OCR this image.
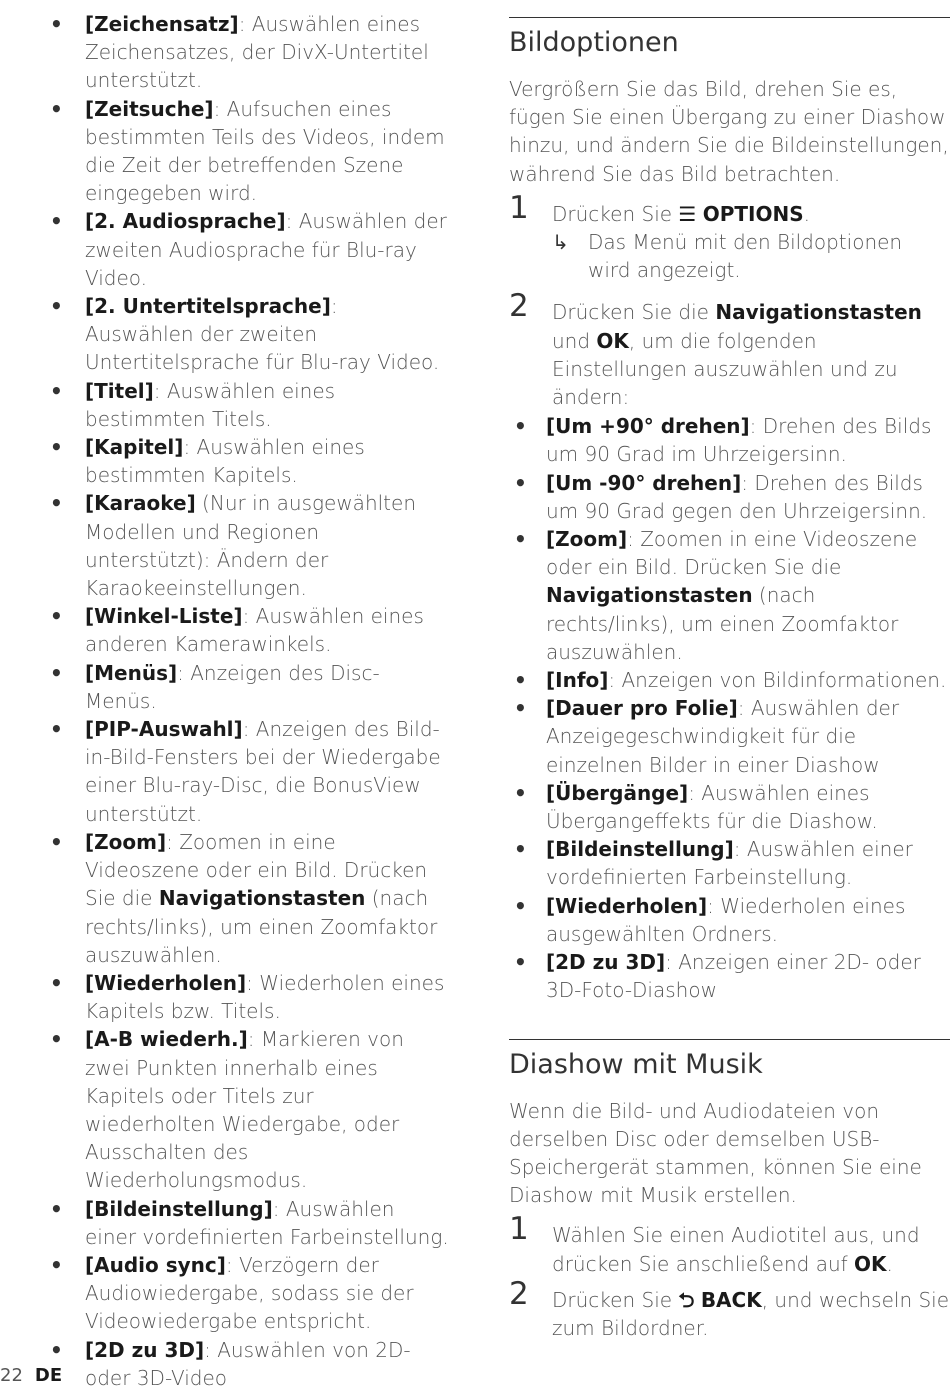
• [Zeichensatz]: Auswählen eines Zeichensatzes, der DivX-Untertitel unterstützt.
• [Zeitsuche]: Aufsuchen eines bestimmten Teils des Videos, indem die Zeit der betreffenden Szene eingegeben wird.
• [2. Audiosprache]: Auswählen der zweiten Audiosprache für Blu-ray Video.
• [2. Untertitelsprache]: Auswählen der zweiten Untertitelsprache für Blu-ray Video.
• [Titel]: Auswählen eines bestimmten Titels.
• [Kapitel]: Auswählen eines bestimmten Kapitels.
• [Karaoke] (Nur in ausgewählten Modellen und Regionen unterstützt): Ändern der Karaokeeinstellungen.
• [Winkel-Liste]: Auswählen eines anderen Kamerawinkels.
• [Menüs]: Anzeigen des Disc-Menüs.
• [PIP-Auswahl]: Anzeigen des Bild-in-Bild-Fensters bei der Wiedergabe einer Blu-ray-Disc, die BonusView unterstützt.
• [Zoom]: Zoomen in eine Videoszene oder ein Bild. Drücken Sie die Navigationstasten (nach rechts/links), um einen Zoomfaktor auszuwählen.
• [Wiederholen]: Wiederholen eines Kapitels bzw. Titels.
• [A-B wiederh.]: Markieren von zwei Punkten innerhalb eines Kapitels oder Titels zur wiederholten Wiedergabe, oder Ausschalten des Wiederholungsmodus.
• [Bildeinstellung]: Auswählen einer vordefinierten Farbeinstellung.
• [Audio sync]: Verzögern der Audiowiedergabe, sodass sie der Videowiedergabe entspricht.
• [2D zu 3D]: Auswählen von 2D- oder 3D-Video
Bildoptionen

Vergrößern Sie das Bild, drehen Sie es, fügen Sie einen Übergang zu einer Diashow hinzu, und ändern Sie die Bildeinstellungen, während Sie das Bild betrachten.

1 Drücken Sie ☰ OPTIONS.
↳ Das Menü mit den Bildoptionen wird angezeigt.
2 Drücken Sie die Navigationstasten und OK, um die folgenden Einstellungen auszuwählen und zu ändern:
• [Um +90° drehen]: Drehen des Bilds um 90 Grad im Uhrzeigersinn.
• [Um -90° drehen]: Drehen des Bilds um 90 Grad gegen den Uhrzeigersinn.
• [Zoom]: Zoomen in eine Videoszene oder ein Bild. Drücken Sie die Navigationstasten (nach rechts/links), um einen Zoomfaktor auszuwählen.
• [Info]: Anzeigen von Bildinformationen.
• [Dauer pro Folie]: Auswählen der Anzeigegeschwindigkeit für die einzelnen Bilder in einer Diashow
• [Übergänge]: Auswählen eines Übergangeffekts für die Diashow.
• [Bildeinstellung]: Auswählen einer vordefinierten Farbeinstellung.
• [Wiederholen]: Wiederholen eines ausgewählten Ordners.
• [2D zu 3D]: Anzeigen einer 2D- oder 3D-Foto-Diashow
Diashow mit Musik

Wenn die Bild- und Audiodateien von derselben Disc oder demselben USB-Speichergerät stammen, können Sie eine Diashow mit Musik erstellen.

1 Wählen Sie einen Audiotitel aus, und drücken Sie anschließend auf OK.
2 Drücken Sie ⮌ BACK, und wechseln Sie zum Bildordner.
22 DE
